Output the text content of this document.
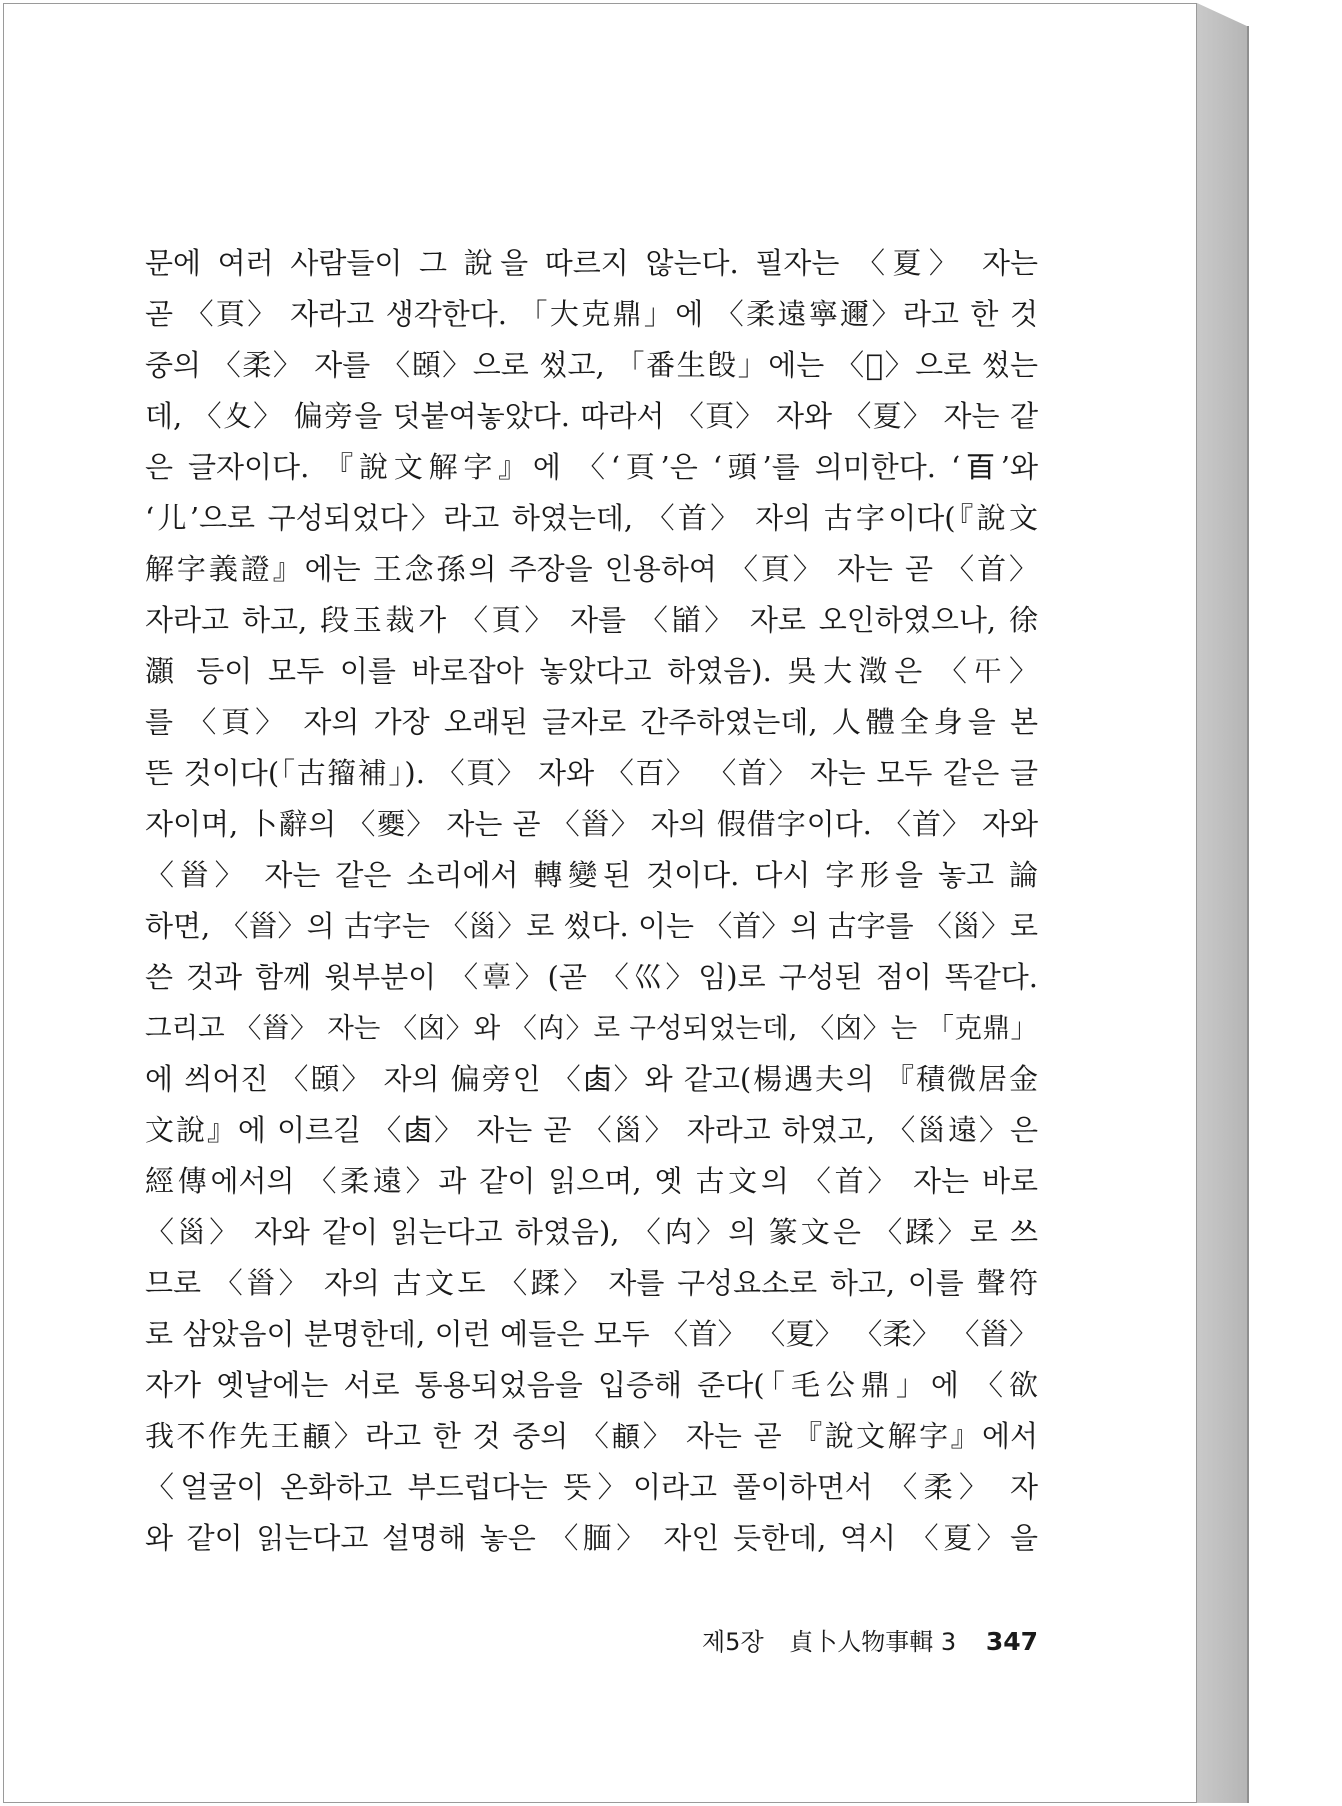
문에 여러 사람들이 그 說을 따르지 않는다. 필자는 〈夏〉 자는
곧 〈頁〉 자라고 생각한다. 「大克鼎」에 〈柔遠寧邇〉라고 한 것
중의 〈柔〉 자를 〈頣〉으로 썼고, 「番生𣪘」에는 〈𩠞〉으로 썼는
데, 〈夊〉 偏旁을 덧붙여놓았다. 따라서 〈頁〉 자와 〈夏〉 자는 같
은 글자이다. 『說文解字』에 〈‘頁’은 ‘頭’를 의미한다. ‘𦣻’와
‘儿’으로 구성되었다〉라고 하였는데, 〈首〉 자의 古字이다(『說文
解字義證』에는 王念孫의 주장을 인용하여 〈頁〉 자는 곧 〈首〉
자라고 하고, 段玉裁가 〈頁〉 자를 〈䭫〉 자로 오인하였으나, 徐
灝 등이 모두 이를 바로잡아 놓았다고 하였음). 吳大澂은 〈𡕒〉
를 〈頁〉 자의 가장 오래된 글자로 간주하였는데, 人體全身을 본
뜬 것이다(「古籀補」). 〈頁〉 자와 〈百〉 〈首〉 자는 모두 같은 글
자이며, 卜辭의 〈夒〉 자는 곧 〈𩠐〉 자의 假借字이다. 〈首〉 자와
〈𩠐〉 자는 같은 소리에서 轉變된 것이다. 다시 字形을 놓고 論
하면, 〈𩠐〉의 古字는 〈𡿺〉로 썼다. 이는 〈首〉의 古字를 〈𡿺〉로
쓴 것과 함께 윗부분이 〈𩫏〉(곧 〈巛〉임)로 구성된 점이 똑같다.
그리고 〈𩠐〉 자는 〈囟〉와 〈禸〉로 구성되었는데, 〈囟〉는 「克鼎」
에 씌어진 〈頣〉 자의 偏旁인 〈𠧪〉와 같고(楊遇夫의 『積微居金
文說』에 이르길 〈𠧪〉 자는 곧 〈𡿺〉 자라고 하였고, 〈𡿺遠〉은
經傳에서의 〈柔遠〉과 같이 읽으며, 옛 古文의 〈首〉 자는 바로
〈𡿺〉 자와 같이 읽는다고 하였음), 〈禸〉의 篆文은 〈蹂〉로 쓰
므로 〈𩠐〉 자의 古文도 〈蹂〉 자를 구성요소로 하고, 이를 聲符
로 삼았음이 분명한데, 이런 예들은 모두 〈首〉 〈夏〉 〈柔〉 〈𩠐〉
자가 옛날에는 서로 통용되었음을 입증해 준다(「毛公鼎」에 〈欲
我不作先王𩒺〉라고 한 것 중의 〈𩒺〉 자는 곧 『說文解字』에서
〈얼굴이 온화하고 부드럽다는 뜻〉이라고 풀이하면서 〈柔〉 자
와 같이 읽는다고 설명해 놓은 〈腼〉 자인 듯한데, 역시 〈夏〉을
제5장 貞卜人物事輯 3 347
